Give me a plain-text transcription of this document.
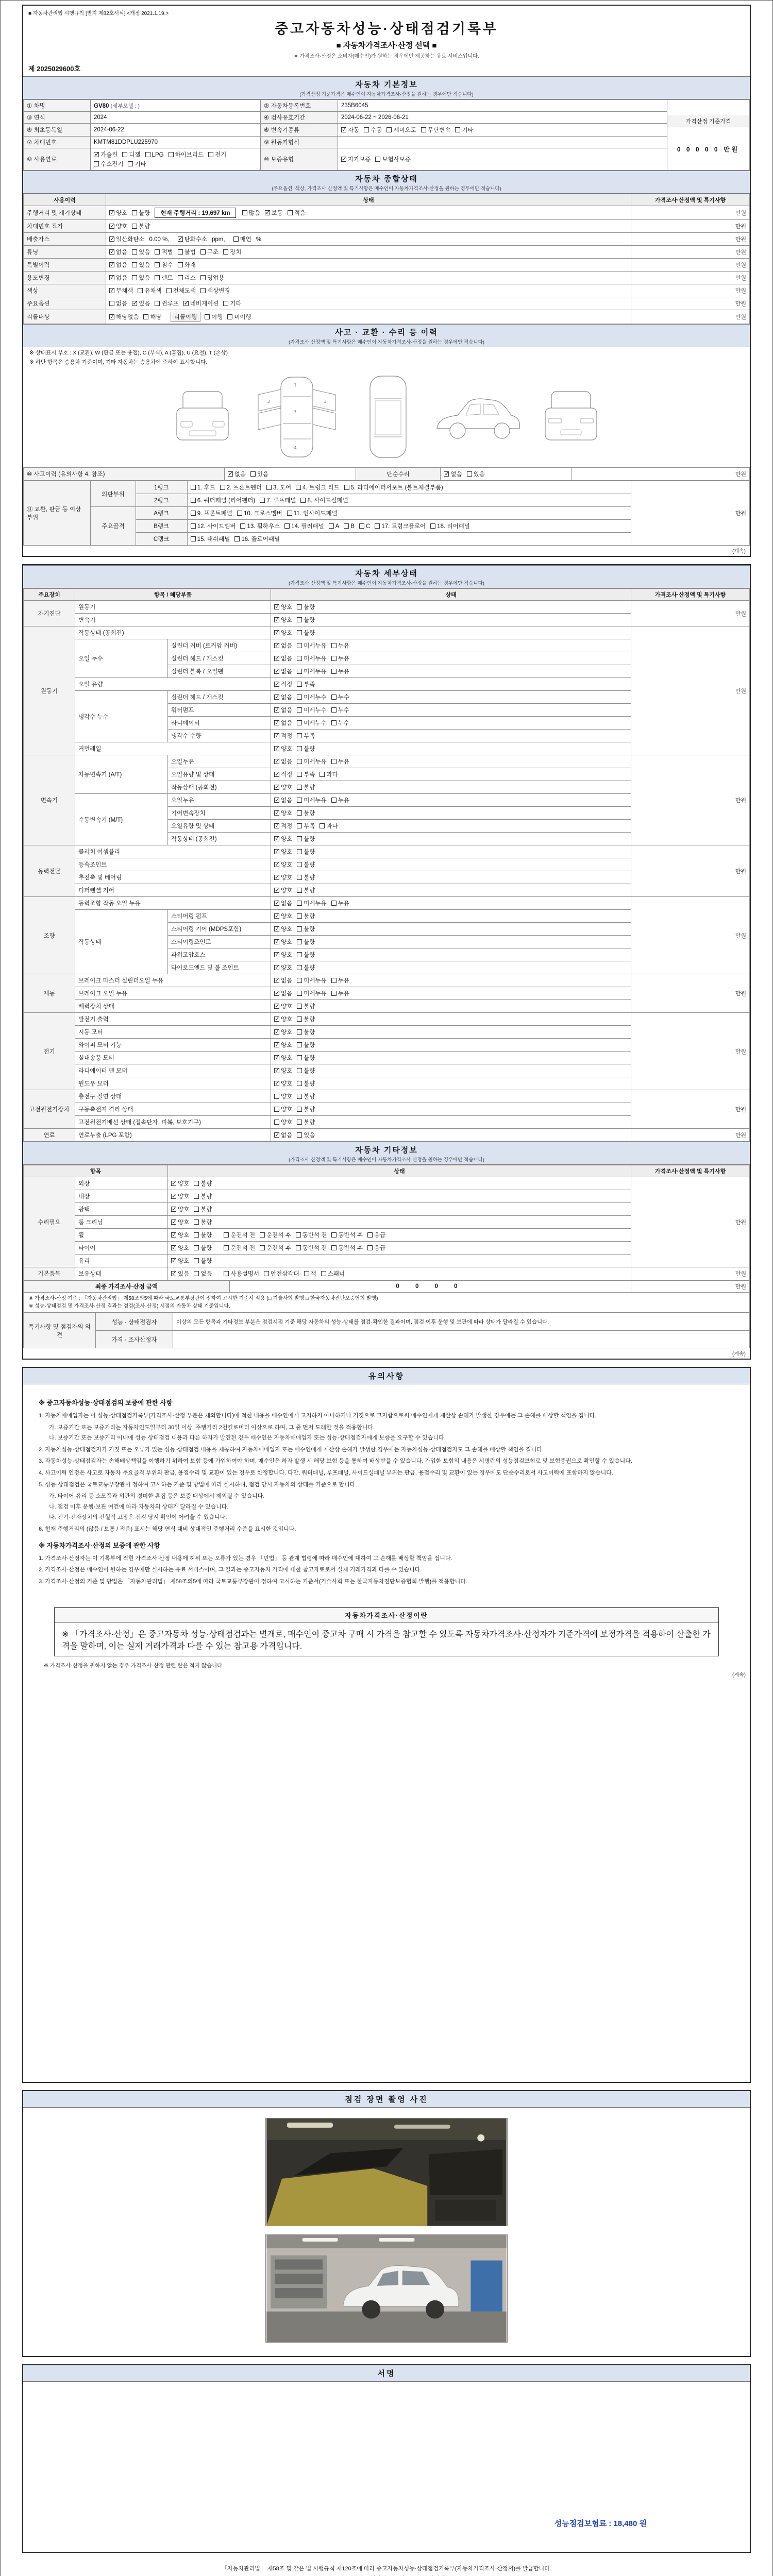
■ 자동차관리법 시행규칙 [별지 제82호서식] <개정 2021.1.19.>
중고자동차성능·상태점검기록부
■ 자동차가격조사·산정 선택 ■
※ 가격조사·산정은 소비자(매수인)가 원하는 경우에만 제공하는 유료 서비스입니다.
제 2025029600호
자동차 기본정보
(가격산정 기준가격은 매수인이 자동차가격조사·산정을 원하는 경우에만 적습니다)
① 차명	GV80 (세부모델 : )	② 자동차등록번호	235B6045	가격산정 기준가격
0 0 0 0 0 만원

③ 연식	2024	④ 검사유효기간	2024-06-22 ~ 2026-06-21	
⑤ 최초등록일	2024-06-22	⑥ 변속기종류	✓자동 수동 세미오토 무단변속 기타
⑦ 차대번호	KMTM81DDPLU225970	⑨ 원동기형식		
⑧ 사용연료	✓가솔린 디젤 LPG 하이브리드 전기수소전기 기타	⑩ 보증유형	✓자가보증 보험사보증
자동차 종합상태
(주요옵션, 색상, 가격조사·산정액 및 특기사항은 매수인이 자동차가격조사·산정을 원하는 경우에만 적습니다)
사용이력	상태	가격조사·산정액 및 특기사항
주행거리 및 계기상태	✓양호 불량 현재 주행거리 : 19,697 km 많음 ✓ 보통 적음	만원
차대번호 표기	✓양호 불량	만원
배출가스	✓일산화탄소 0.00 %, ✓ 탄화수소 ppm, 매연 %	만원
튜닝	✓없음 있음 적법 불법 구조 장치	만원
특별이력	✓없음 있음 침수 화재	만원
용도변경	✓없음 있음 렌트 리스 영업용	만원
색상	✓무채색 유채색 전체도색 색상변경	만원
주요옵션	없음 ✓ 있음 썬루프 ✓ 네비게이션 기타	만원
리콜대상	✓해당없음 해당 리콜이행 이행 미이행	만원
사고 · 교환 · 수리 등 이력
(가격조사·산정액 및 특기사항은 매수인이 자동차가격조사·산정을 원하는 경우에만 적습니다)
※ 상태표시 부호 : X (교환), W (판금 또는 용접), C (부식), A (흠집), U (요철), T (손상)
※ 하단 항목은 승용차 기준이며, 기타 자동차는 승용차에 준하여 표시합니다.
1
3	3
7
4
⑩ 사고이력 (유의사항 4. 참조)	✓없음 있음	단순수리	✓없음 있음	만원
⑪ 교환, 판금 등 이상 부위	외판부위	1랭크	1. 후드 2. 프론트펜더 3. 도어 4. 트렁크 리드 5. 라디에이터서포트 (볼트체결부품)	만원
		2랭크	6. 쿼터패널 (리어펜더) 7. 루프패널 8. 사이드실패널	
	주요골격	A랭크	9. 프론트패널 10. 크로스멤버 11. 인사이드패널	
		B랭크	12. 사이드멤버 13. 휠하우스 14. 필러패널 A B C 17. 트렁크플로어 18. 리어패널	
		C랭크	15. 대쉬패널 16. 플로어패널	
(계속)
자동차 세부상태
(가격조사·산정액 및 특기사항은 매수인이 자동차가격조사·산정을 원하는 경우에만 적습니다)
주요장치	항목 / 해당부품		상태	가격조사·산정액 및 특기사항
자기진단	원동기	✓양호 불량	만원
	변속기	✓양호 불량
원동기	작동상태 (공회전)	✓양호 불량	만원
	오일 누수	실린더 커버 (로커암 커버)	✓없음 미세누유 누유
		실린더 헤드 / 개스킷	✓없음 미세누유 누유
		실린더 블록 / 오일팬	✓없음 미세누유 누유
	오일 유량	✓적정 부족
	냉각수 누수	실린더 헤드 / 개스킷	✓없음 미세누수 누수
		워터펌프	✓없음 미세누수 누수
		라디에이터	✓없음 미세누수 누수
		냉각수 수량	✓적정 부족
	커먼레일	✓양호 불량
변속기	자동변속기 (A/T)	오일누유	✓없음 미세누유 누유	만원
		오일유량 및 상태	✓적정 부족 과다
		작동상태 (공회전)	✓양호 불량
	수동변속기 (M/T)	오일누유	✓없음 미세누유 누유
		기어변속장치	✓양호 불량
		오일유량 및 상태	✓적정 부족 과다
		작동상태 (공회전)	✓양호 불량
동력전달	클러치 어셈블리	✓양호 불량	만원
	등속조인트	✓양호 불량
	추진축 및 베어링	✓양호 불량
	디퍼렌셜 기어	✓양호 불량
조향	동력조향 작동 오일 누유	✓없음 미세누유 누유	만원
	작동상태	스티어링 펌프	✓양호 불량
		스티어링 기어 (MDPS포함)	✓양호 불량
		스티어링조인트	✓양호 불량
		파워고압호스	✓양호 불량
		타이로드엔드 및 볼 조인트	✓양호 불량
제동	브레이크 마스터 실린더오일 누유	✓없음 미세누유 누유	만원
	브레이크 오일 누유	✓없음 미세누유 누유
	배력장치 상태	✓양호 불량
전기	발전기 출력	✓양호 불량	만원
	시동 모터	✓양호 불량
	와이퍼 모터 기능	✓양호 불량
	실내송풍 모터	✓양호 불량
	라디에이터 팬 모터	✓양호 불량
	윈도우 모터	✓양호 불량
고전원전기장치	충전구 절연 상태		양호 불량	만원
	구동축전지 격리 상태		양호 불량	
	고전원전기배선 상태 (접속단자, 피복, 보호기구)		양호 불량	
연료	연료누출 (LPG 포함)	✓없음 있음	만원
자동차 기타정보
(가격조사·산정액 및 특기사항은 매수인이 자동차가격조사·산정을 원하는 경우에만 적습니다)
항목		상태	가격조사·산정액 및 특기사항
수리필요	외장	✓양호 불량	만원
	내장	✓양호 불량
	광택	✓양호 불량
	룸 크리닝	✓양호 불량
	휠	✓양호 불량 운전석 전 운전석 후 동반석 전 동반석 후 응급
	타이어	✓양호 불량 운전석 전 운전석 후 동반석 전 동반석 후 응급
	유리	✓양호 불량
기본품목	보유상태	✓있음 없음 사용설명서 안전삼각대 잭 스패너	만원
최종 가격조사·산정 금액	0 0 0 0	만원
※ 가격조사·산정 기준 : 「자동차관리법」 제58조의5에 따라 국토교통부장관이 정하여 고시한 기준서 적용 (□ 기술사회 발행 □ 한국자동차진단보증협회 발행)
※ 성능·상태점검 및 가격조사·산정 결과는 점검(조사·산정) 시점의 자동차 상태 기준입니다.
특기사항 및 점검자의 의견	성능 · 상태점검자	이상의 모든 항목과 기타정보 부분은 점검시점 기준 해당 자동차의 성능·상태를 점검·확인한 결과이며, 점검 이후 운행 및 보관에 따라 상태가 달라질 수 있습니다.
	가격 · 조사산정자	
(계속)
유의사항
※ 중고자동차성능·상태점검의 보증에 관한 사항
1. 자동차매매업자는 이 성능·상태점검기록부(가격조사·산정 부분은 제외합니다)에 적힌 내용을 매수인에게 고지하지 아니하거나 거짓으로 고지함으로써 매수인에게 재산상 손해가 발생한 경우에는 그 손해를 배상할 책임을 집니다.
가. 보증기간 또는 보증거리는 자동차인도일부터 30일 이상, 주행거리 2천킬로미터 이상으로 하며, 그 중 먼저 도래한 것을 적용합니다.
나. 보증기간 또는 보증거리 이내에 성능·상태점검 내용과 다른 하자가 발견된 경우 매수인은 자동차매매업자 또는 성능·상태점검자에게 보증을 요구할 수 있습니다.
2. 자동차성능·상태점검자가 거짓 또는 오류가 있는 성능·상태점검 내용을 제공하여 자동차매매업자 또는 매수인에게 재산상 손해가 발생한 경우에는 자동차성능·상태점검자도 그 손해를 배상할 책임을 집니다.
3. 자동차성능·상태점검자는 손해배상책임을 이행하기 위하여 보험 등에 가입하여야 하며, 매수인은 하자 발생 시 해당 보험 등을 통하여 배상받을 수 있습니다. 가입한 보험의 내용은 서명란의 성능점검보험료 및 보험증권으로 확인할 수 있습니다.
4. 사고이력 인정은 사고로 자동차 주요골격 부위의 판금, 용접수리 및 교환이 있는 경우로 한정합니다. 다만, 쿼터패널, 루프패널, 사이드실패널 부위는 판금, 용접수리 및 교환이 있는 경우에도 단순수리로서 사고이력에 포함하지 않습니다.
5. 성능·상태점검은 국토교통부장관이 정하여 고시하는 기준 및 방법에 따라 실시하며, 점검 당시 자동차의 상태를 기준으로 합니다.
가. 타이어·유리 등 소모품과 외관의 경미한 흠집 등은 보증 대상에서 제외될 수 있습니다.
나. 점검 이후 운행·보관 여건에 따라 자동차의 상태가 달라질 수 있습니다.
다. 전기·전자장치의 간헐적 고장은 점검 당시 확인이 어려울 수 있습니다.
6. 현재 주행거리의 (많음 / 보통 / 적음) 표시는 해당 연식 대비 상대적인 주행거리 수준을 표시한 것입니다.
※ 자동차가격조사·산정의 보증에 관한 사항
1. 가격조사·산정자는 이 기록부에 적힌 가격조사·산정 내용에 허위 또는 오류가 있는 경우 「민법」 등 관계 법령에 따라 매수인에 대하여 그 손해를 배상할 책임을 집니다.
2. 가격조사·산정은 매수인이 원하는 경우에만 실시하는 유료 서비스이며, 그 결과는 중고자동차 가격에 대한 참고자료로서 실제 거래가격과 다를 수 있습니다.
3. 가격조사·산정의 기준 및 방법은 「자동차관리법」 제58조의5에 따라 국토교통부장관이 정하여 고시하는 기준서(기술사회 또는 한국자동차진단보증협회 발행)를 적용합니다.
자동차가격조사·산정이란
※ 「가격조사·산정」은 중고자동차 성능·상태점검과는 별개로, 매수인이 중고차 구매 시 가격을 참고할 수 있도록 자동차가격조사·산정자가 기준가격에 보정가격을 적용하여 산출한 가격을 말하며, 이는 실제 거래가격과 다를 수 있는 참고용 가격입니다.
※ 가격조사·산정을 원하지 않는 경우 가격조사·산정 관련 란은 적지 않습니다.
(계속)
점검 장면 촬영 사진
서명
성능점검보험료 : 18,480 원
「자동차관리법」 제58조 및 같은 법 시행규칙 제120조에 따라 중고자동차성능·상태점검기록부(자동차가격조사·산정서)를 발급합니다.
